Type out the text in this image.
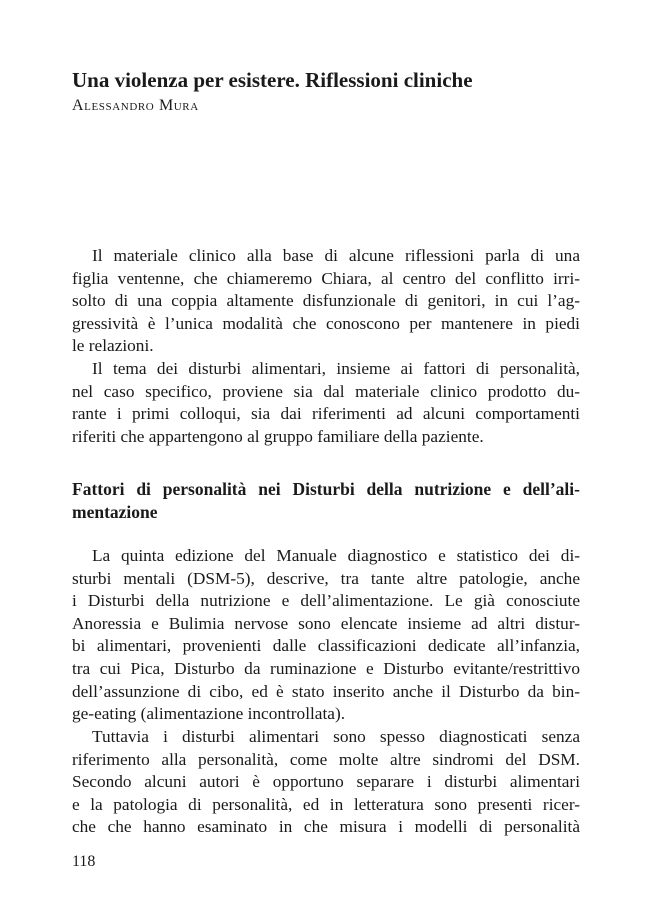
Una violenza per esistere. Riflessioni cliniche
Alessandro Mura
Il materiale clinico alla base di alcune riflessioni parla di una
figlia ventenne, che chiameremo Chiara, al centro del conflitto irri-
solto di una coppia altamente disfunzionale di genitori, in cui l’ag-
gressività è l’unica modalità che conoscono per mantenere in piedi
le relazioni.
Il tema dei disturbi alimentari, insieme ai fattori di personalità,
nel caso specifico, proviene sia dal materiale clinico prodotto du-
rante i primi colloqui, sia dai riferimenti ad alcuni comportamenti
riferiti che appartengono al gruppo familiare della paziente.
Fattori di personalità nei Disturbi della nutrizione e dell’ali-
mentazione
La quinta edizione del Manuale diagnostico e statistico dei di-
sturbi mentali (DSM-5), descrive, tra tante altre patologie, anche
i Disturbi della nutrizione e dell’alimentazione. Le già conosciute
Anoressia e Bulimia nervose sono elencate insieme ad altri distur-
bi alimentari, provenienti dalle classificazioni dedicate all’infanzia,
tra cui Pica, Disturbo da ruminazione e Disturbo evitante/restrittivo
dell’assunzione di cibo, ed è stato inserito anche il Disturbo da bin-
ge-eating (alimentazione incontrollata).
Tuttavia i disturbi alimentari sono spesso diagnosticati senza
riferimento alla personalità, come molte altre sindromi del DSM.
Secondo alcuni autori è opportuno separare i disturbi alimentari
e la patologia di personalità, ed in letteratura sono presenti ricer-
che che hanno esaminato in che misura i modelli di personalità
118
